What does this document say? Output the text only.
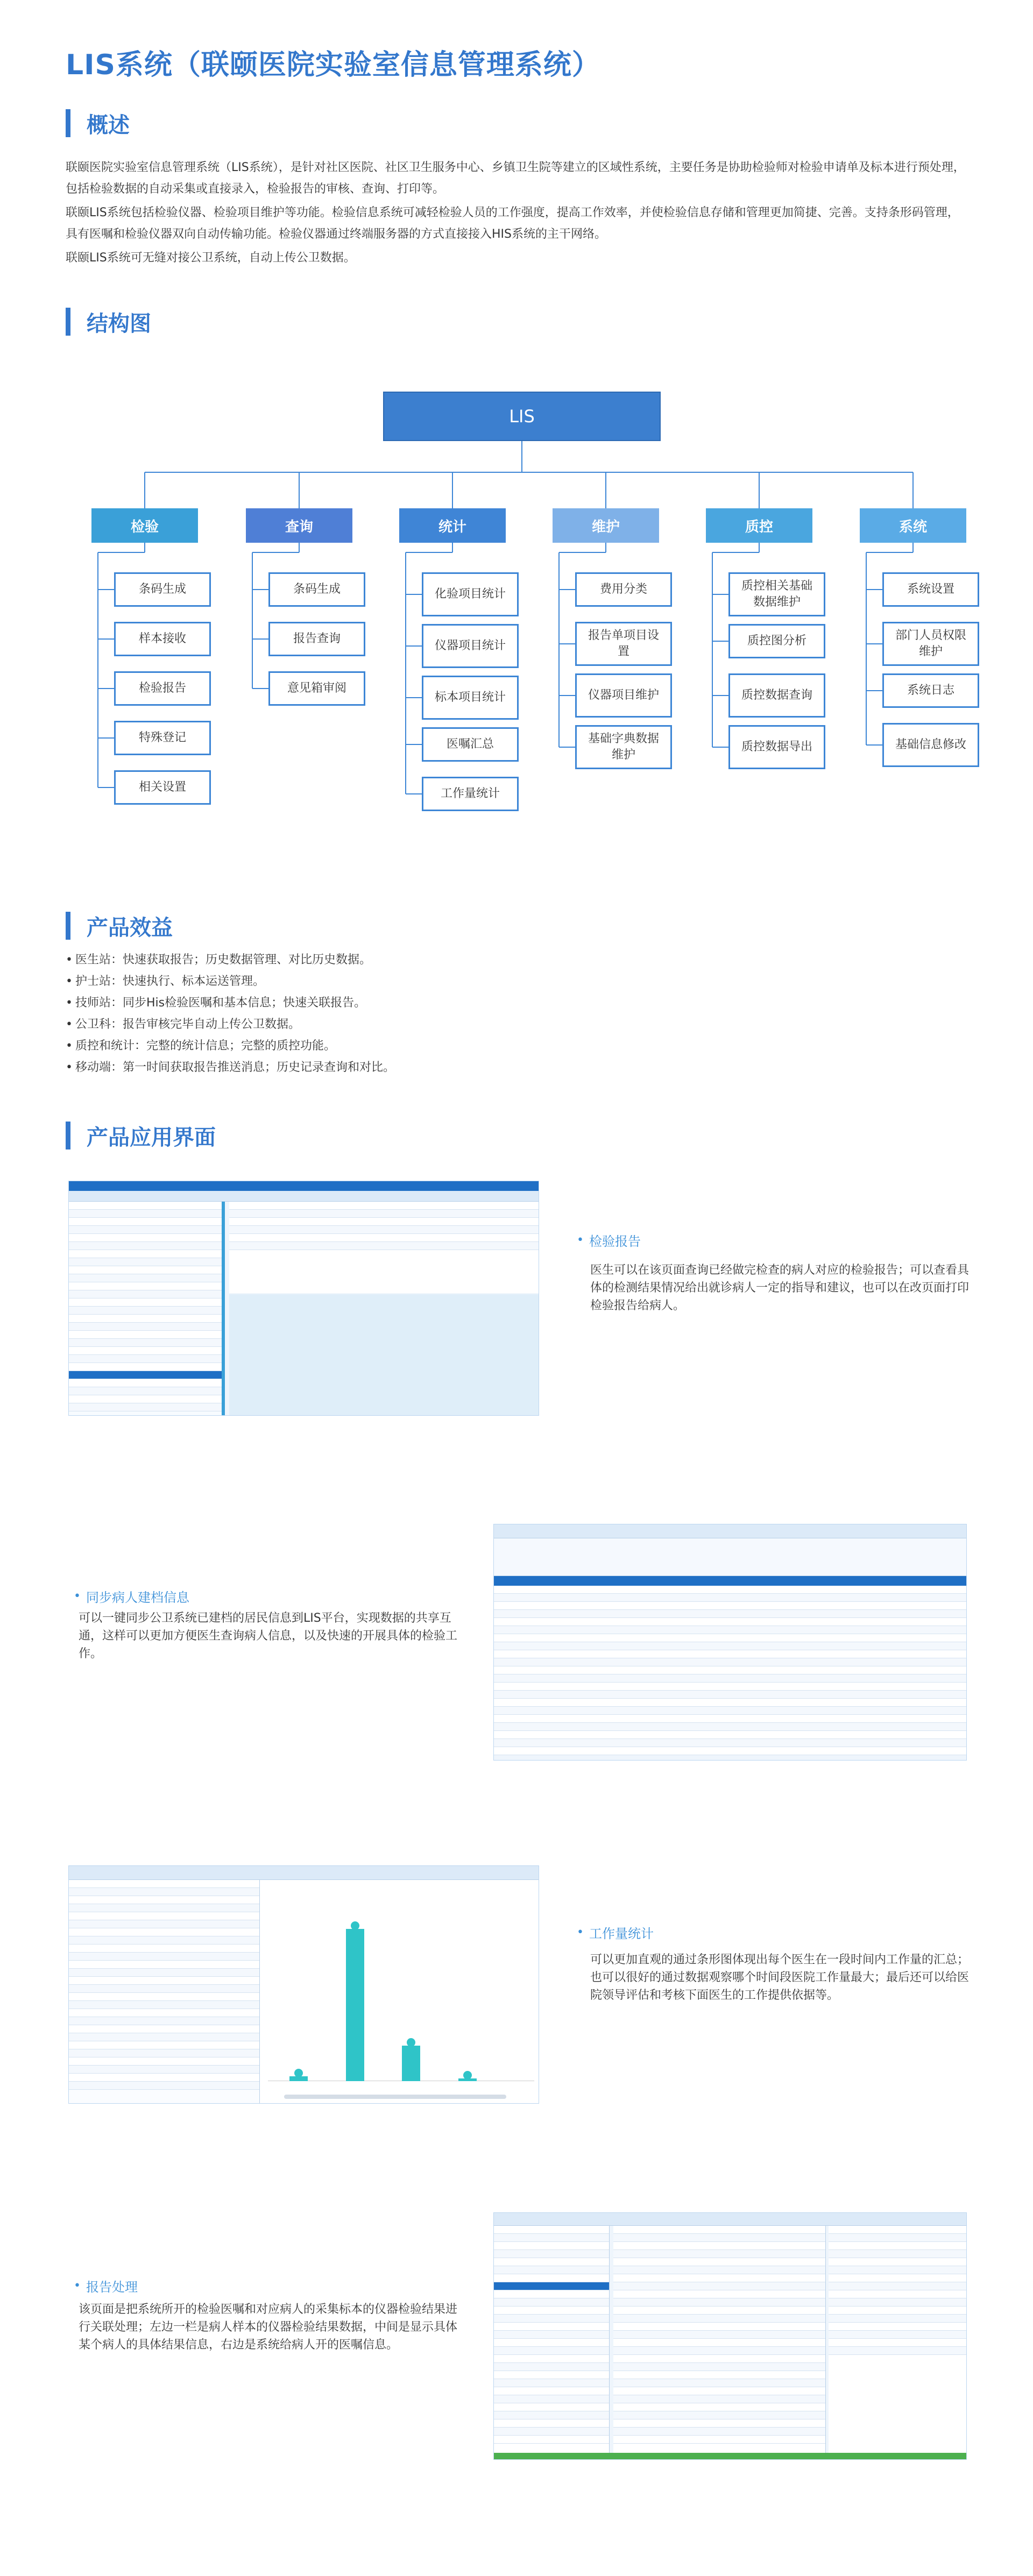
LIS系统（联颐医院实验室信息管理系统）
概述

联颐医院实验室信息管理系统（LIS系统），是针对社区医院、社区卫生服务中心、乡镇卫生院等建立的区域性系统，主要任务是协助检验师对检验申请单及标本进行预处理，包括检验数据的自动采集或直接录入，检验报告的审核、查询、打印等。

联颐LIS系统包括检验仪器、检验项目维护等功能。检验信息系统可减轻检验人员的工作强度，提高工作效率，并使检验信息存储和管理更加简捷、完善。支持条形码管理，具有医嘱和检验仪器双向自动传输功能。检验仪器通过终端服务器的方式直接接入HIS系统的主干网络。

联颐LIS系统可无缝对接公卫系统，自动上传公卫数据。

结构图
LIS
检验
条码生成
样本接收
检验报告
特殊登记
相关设置
查询
条码生成
报告查询
意见箱审阅
统计
化验项目统计
仪器项目统计
标本项目统计
医嘱汇总
工作量统计
维护
费用分类
报告单项目设置
仪器项目维护
基础字典数据维护
质控
质控相关基础数据维护
质控图分析
质控数据查询
质控数据导出
系统
系统设置
部门人员权限维护
系统日志
基础信息修改
产品效益
• 医生站：快速获取报告；历史数据管理、对比历史数据。
• 护士站：快速执行、标本运送管理。
• 技师站：同步His检验医嘱和基本信息；快速关联报告。
• 公卫科：报告审核完毕自动上传公卫数据。
• 质控和统计：完整的统计信息；完整的质控功能。
• 移动端：第一时间获取报告推送消息；历史记录查询和对比。
产品应用界面
• 检验报告

医生可以在该页面查询已经做完检查的病人对应的检验报告；可以查看具体的检测结果情况给出就诊病人一定的指导和建议，也可以在改页面打印检验报告给病人。

• 同步病人建档信息

可以一键同步公卫系统已建档的居民信息到LIS平台，实现数据的共享互通，这样可以更加方便医生查询病人信息，以及快速的开展具体的检验工作。

• 工作量统计

可以更加直观的通过条形图体现出每个医生在一段时间内工作量的汇总；也可以很好的通过数据观察哪个时间段医院工作量最大；最后还可以给医院领导评估和考核下面医生的工作提供依据等。

• 报告处理

该页面是把系统所开的检验医嘱和对应病人的采集标本的仪器检验结果进行关联处理；左边一栏是病人样本的仪器检验结果数据，中间是显示具体某个病人的具体结果信息，右边是系统给病人开的医嘱信息。
